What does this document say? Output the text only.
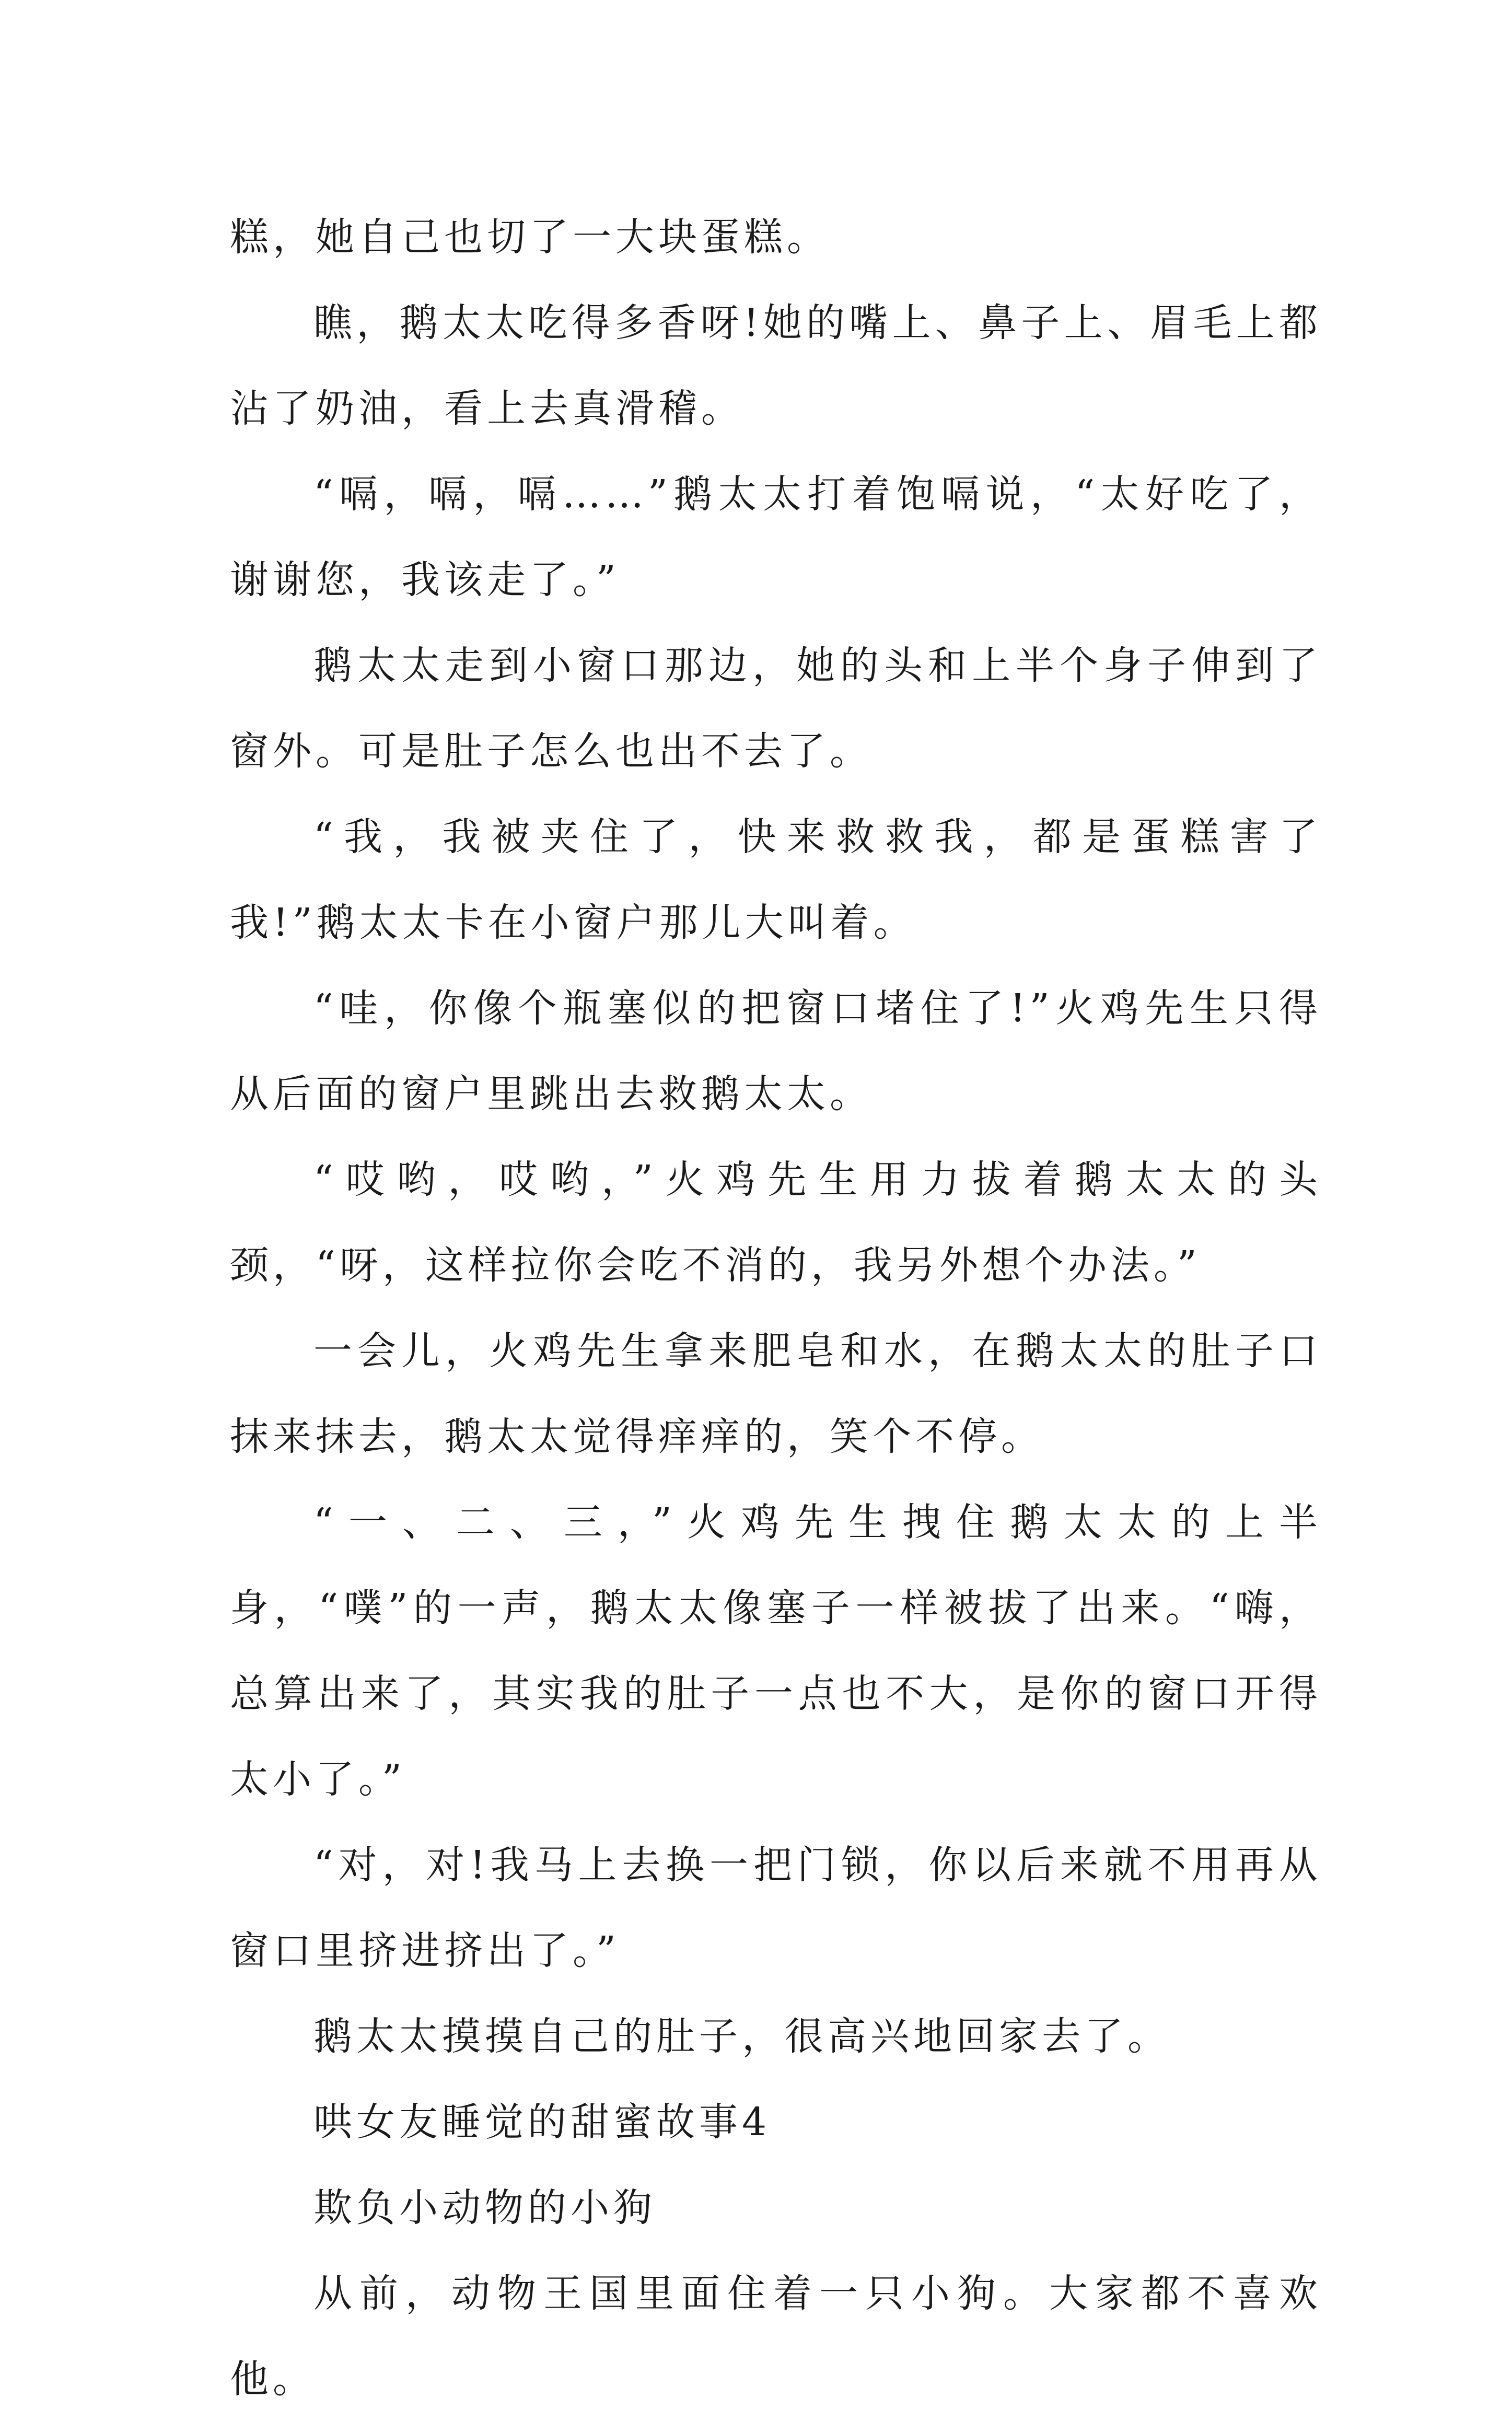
糕，她自己也切了一大块蛋糕。

瞧，鹅太太吃得多香呀!她的嘴上、鼻子上、眉毛上都沾了奶油，看上去真滑稽。

“嗝，嗝，嗝……”鹅太太打着饱嗝说，“太好吃了，谢谢您，我该走了。”

鹅太太走到小窗口那边，她的头和上半个身子伸到了窗外。可是肚子怎么也出不去了。

“我，我被夹住了，快来救救我，都是蛋糕害了我!”鹅太太卡在小窗户那儿大叫着。

“哇，你像个瓶塞似的把窗口堵住了!”火鸡先生只得从后面的窗户里跳出去救鹅太太。

“哎哟，哎哟，”火鸡先生用力拔着鹅太太的头颈，“呀，这样拉你会吃不消的，我另外想个办法。”

一会儿，火鸡先生拿来肥皂和水，在鹅太太的肚子口抹来抹去，鹅太太觉得痒痒的，笑个不停。

“一、二、三，”火鸡先生拽住鹅太太的上半身，“噗”的一声，鹅太太像塞子一样被拔了出来。“嗨，总算出来了，其实我的肚子一点也不大，是你的窗口开得太小了。”

“对，对!我马上去换一把门锁，你以后来就不用再从窗口里挤进挤出了。”

鹅太太摸摸自己的肚子，很高兴地回家去了。

哄女友睡觉的甜蜜故事4

欺负小动物的小狗

从前，动物王国里面住着一只小狗。大家都不喜欢他。
